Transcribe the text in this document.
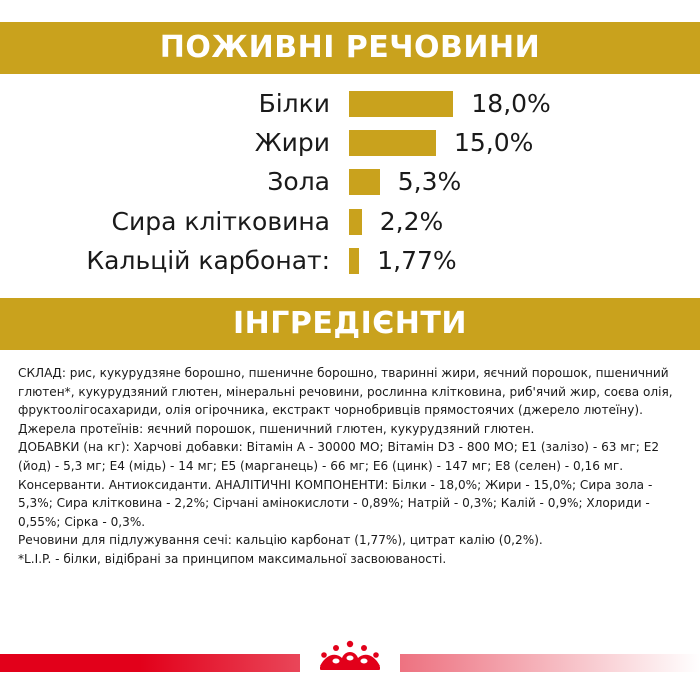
ПОЖИВНІ РЕЧОВИНИ
Білки	18,0%
Жири	15,0%
Зола	5,3%
Сира клітковина 2,2%
Кальцій карбонат: 1,77%
ІНГРЕДІЄНТИ

СКЛАД: рис, кукурудзяне борошно, пшеничне борошно, тваринні жири, яєчний порошок, пшеничний глютен*, кукурудзяний глютен, мінеральні речовини, рослинна клітковина, риб'ячий жир, соєва олія, фруктоолігосахариди, олія огірочника, екстракт чорнобривців прямостоячих (джерело лютеїну). Джерела протеїнів: яєчний порошок, пшеничний глютен, кукурудзяний глютен.
ДОБАВКИ (на кг): Харчові добавки: Вітамін А - 30000 МО; Вітамін D3 - 800 МО; E1 (залізо) - 63 мг; E2 (йод) - 5,3 мг; E4 (мідь) - 14 мг; E5 (марганець) - 66 мг; E6 (цинк) - 147 мг; E8 (селен) - 0,16 мг. Консерванти. Антиоксиданти. АНАЛІТИЧНІ КОМПОНЕНТИ: Білки - 18,0%; Жири - 15,0%; Сира зола - 5,3%; Сира клітковина - 2,2%; Сірчані амінокислоти - 0,89%; Натрій - 0,3%; Калій - 0,9%; Хлориди - 0,55%; Сірка - 0,3%.
Речовини для підлужування сечі: кальцію карбонат (1,77%), цитрат калію (0,2%).
*L.I.P. - білки, відібрані за принципом максимальної засвоюваності.
